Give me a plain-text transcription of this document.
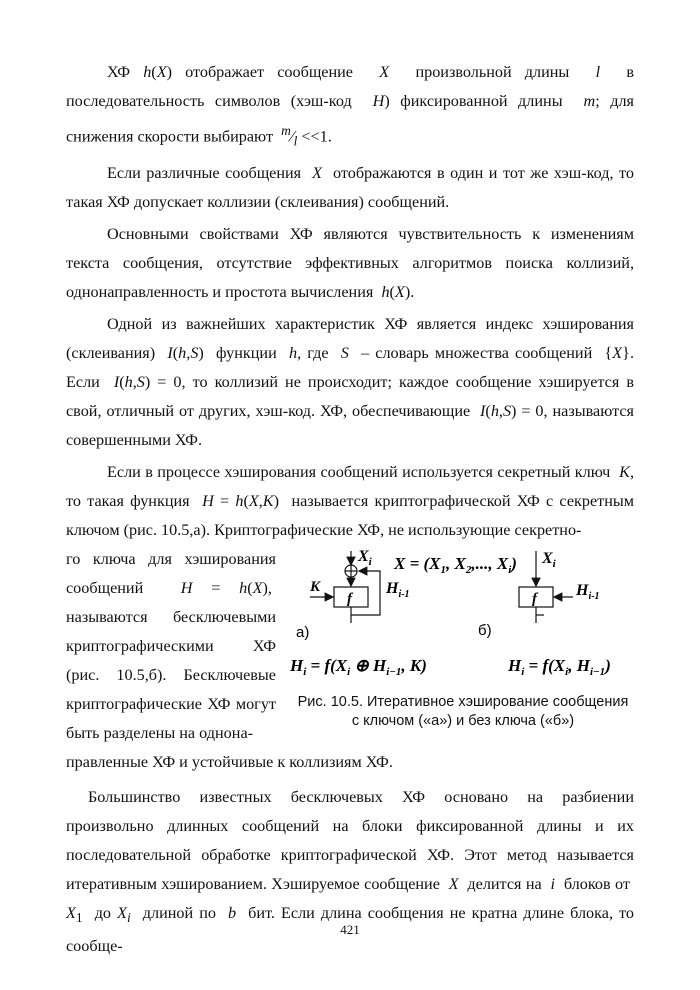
ХФ h(X) отображает сообщение  X  произвольной длины  l  в последовательность символов (хэш-код  H) фиксированной длины  m; для снижения скорости выбирают  $^m⁄_l <<1$.

Если различные сообщения  X  отображаются в один и тот же хэш-код, то такая ХФ допускает коллизии (склеивания) сообщений.

Основными свойствами ХФ являются чувствительность к изменениям текста сообщения, отсутствие эффективных алгоритмов поиска коллизий, однонаправленность и простота вычисления  h(X).

Одной из важнейших характеристик ХФ является индекс хэширования (склеивания)  I(h,S)  функции  h, где  S  – словарь множества сообщений  {X}. Если  I(h,S) = 0, то коллизий не происходит; каждое сообщение хэшируется в свой, отличный от других, хэш-код. ХФ, обеспечивающие  I(h,S) = 0, называются совершенными ХФ.

Если в процессе хэширования сообщений используется секретный ключ  K, то такая функция  H = h(X,K)  называется криптографической ХФ с секретным ключом (рис. 10.5,а). Криптографические ХФ, не использующие секретно-

го ключа для хэширования сообщений  H = h(X),  называются бесключевыми криптографическими ХФ (рис. 10.5,б). Бесключевые криптографические ХФ могут быть разделены на однона-

f
K
$X_i$
$H_{i-1}$
а)
$X = (X_1$, $X_2$,..., $X_i$) $X_i$
f $H_{i-1}$
б)
$H_i = f(X_i$ ⊕ $H_{i-1}$, K)	$H_i = f(X_i$, $H_{i-1}$)
Рис. 10.5. Итеративное хэширование сообщения
с ключом («а») и без ключа («б»)

правленные ХФ и устойчивые к коллизиям ХФ.

Большинство известных бесключевых ХФ основано на разбиении произвольно длинных сообщений на блоки фиксированной длины и их последовательной обработке криптографической ХФ. Этот метод называется итеративным хэшированием. Хэшируемое сообщение  X  делится на  i  блоков от  $X_1$  до $X_i$  длиной по  b  бит. Если длина сообщения не кратна длине блока, то сообще-

421
